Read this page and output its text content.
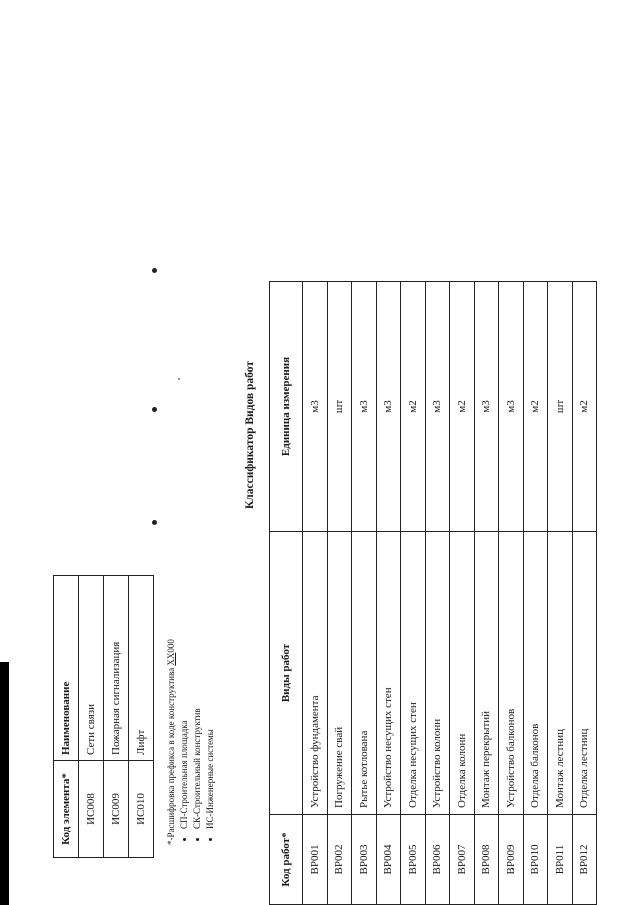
Код элемента*	Наименование
ИС008	Сети связи
ИС009	Пожарная сигнализация
ИС010	Лифт *-Расшифровка префикса в коде конструктива XX000
• СП-Строительная площадка • СК-Строительный конструктив • ИС-Инженерные системы
Классификатор Видов работ
Код работ*	Виды работ	Единица измерения
ВР001	Устройство фундамента	м3
ВР002	Погружение свай	шт
ВР003	Рытье котлована	м3
ВР004	Устройство несущих стен	м3
ВР005	Отделка несущих стен	м2
ВР006	Устройство колонн	м3
ВР007	Отделка колонн	м2
ВР008	Монтаж перекрытий	м3
ВР009	Устройство балконов	м3
ВР010	Отделка балконов	м2
ВР011	Монтаж лестниц	шт
ВР012	Отделка лестниц	м2
